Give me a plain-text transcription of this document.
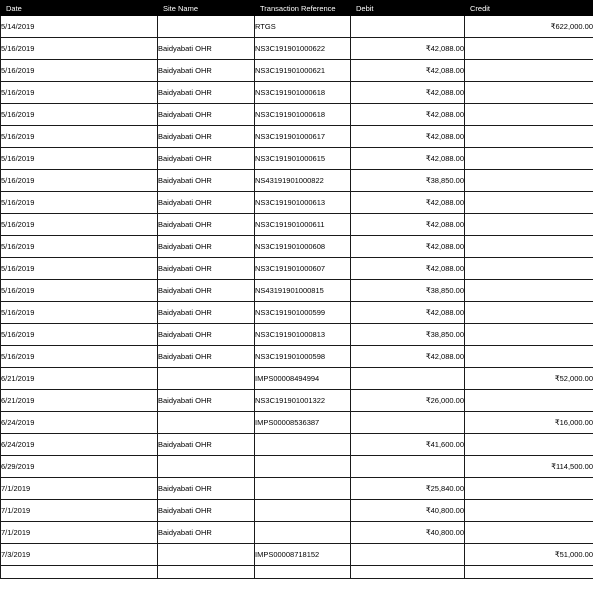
Date	Site Name	Transaction Reference	Debit	Credit
5/14/2019		RTGS		₹622,000.00
5/16/2019	Baidyabati OHR	NS3C191901000622	₹42,088.00	
5/16/2019	Baidyabati OHR	NS3C191901000621	₹42,088.00	
5/16/2019	Baidyabati OHR	NS3C191901000618	₹42,088.00	
5/16/2019	Baidyabati OHR	NS3C191901000618	₹42,088.00	
5/16/2019	Baidyabati OHR	NS3C191901000617	₹42,088.00	
5/16/2019	Baidyabati OHR	NS3C191901000615	₹42,088.00	
5/16/2019	Baidyabati OHR	NS43191901000822	₹38,850.00	
5/16/2019	Baidyabati OHR	NS3C191901000613	₹42,088.00	
5/16/2019	Baidyabati OHR	NS3C191901000611	₹42,088.00	
5/16/2019	Baidyabati OHR	NS3C191901000608	₹42,088.00	
5/16/2019	Baidyabati OHR	NS3C191901000607	₹42,088.00	
5/16/2019	Baidyabati OHR	NS43191901000815	₹38,850.00	
5/16/2019	Baidyabati OHR	NS3C191901000599	₹42,088.00	
5/16/2019	Baidyabati OHR	NS3C191901000813	₹38,850.00	
5/16/2019	Baidyabati OHR	NS3C191901000598	₹42,088.00	
6/21/2019		IMPS00008494994		₹52,000.00
6/21/2019	Baidyabati OHR	NS3C191901001322	₹26,000.00	
6/24/2019		IMPS00008536387		₹16,000.00
6/24/2019	Baidyabati OHR		₹41,600.00	
6/29/2019				₹114,500.00
7/1/2019	Baidyabati OHR		₹25,840.00	
7/1/2019	Baidyabati OHR		₹40,800.00	
7/1/2019	Baidyabati OHR		₹40,800.00	
7/3/2019		IMPS00008718152		₹51,000.00
